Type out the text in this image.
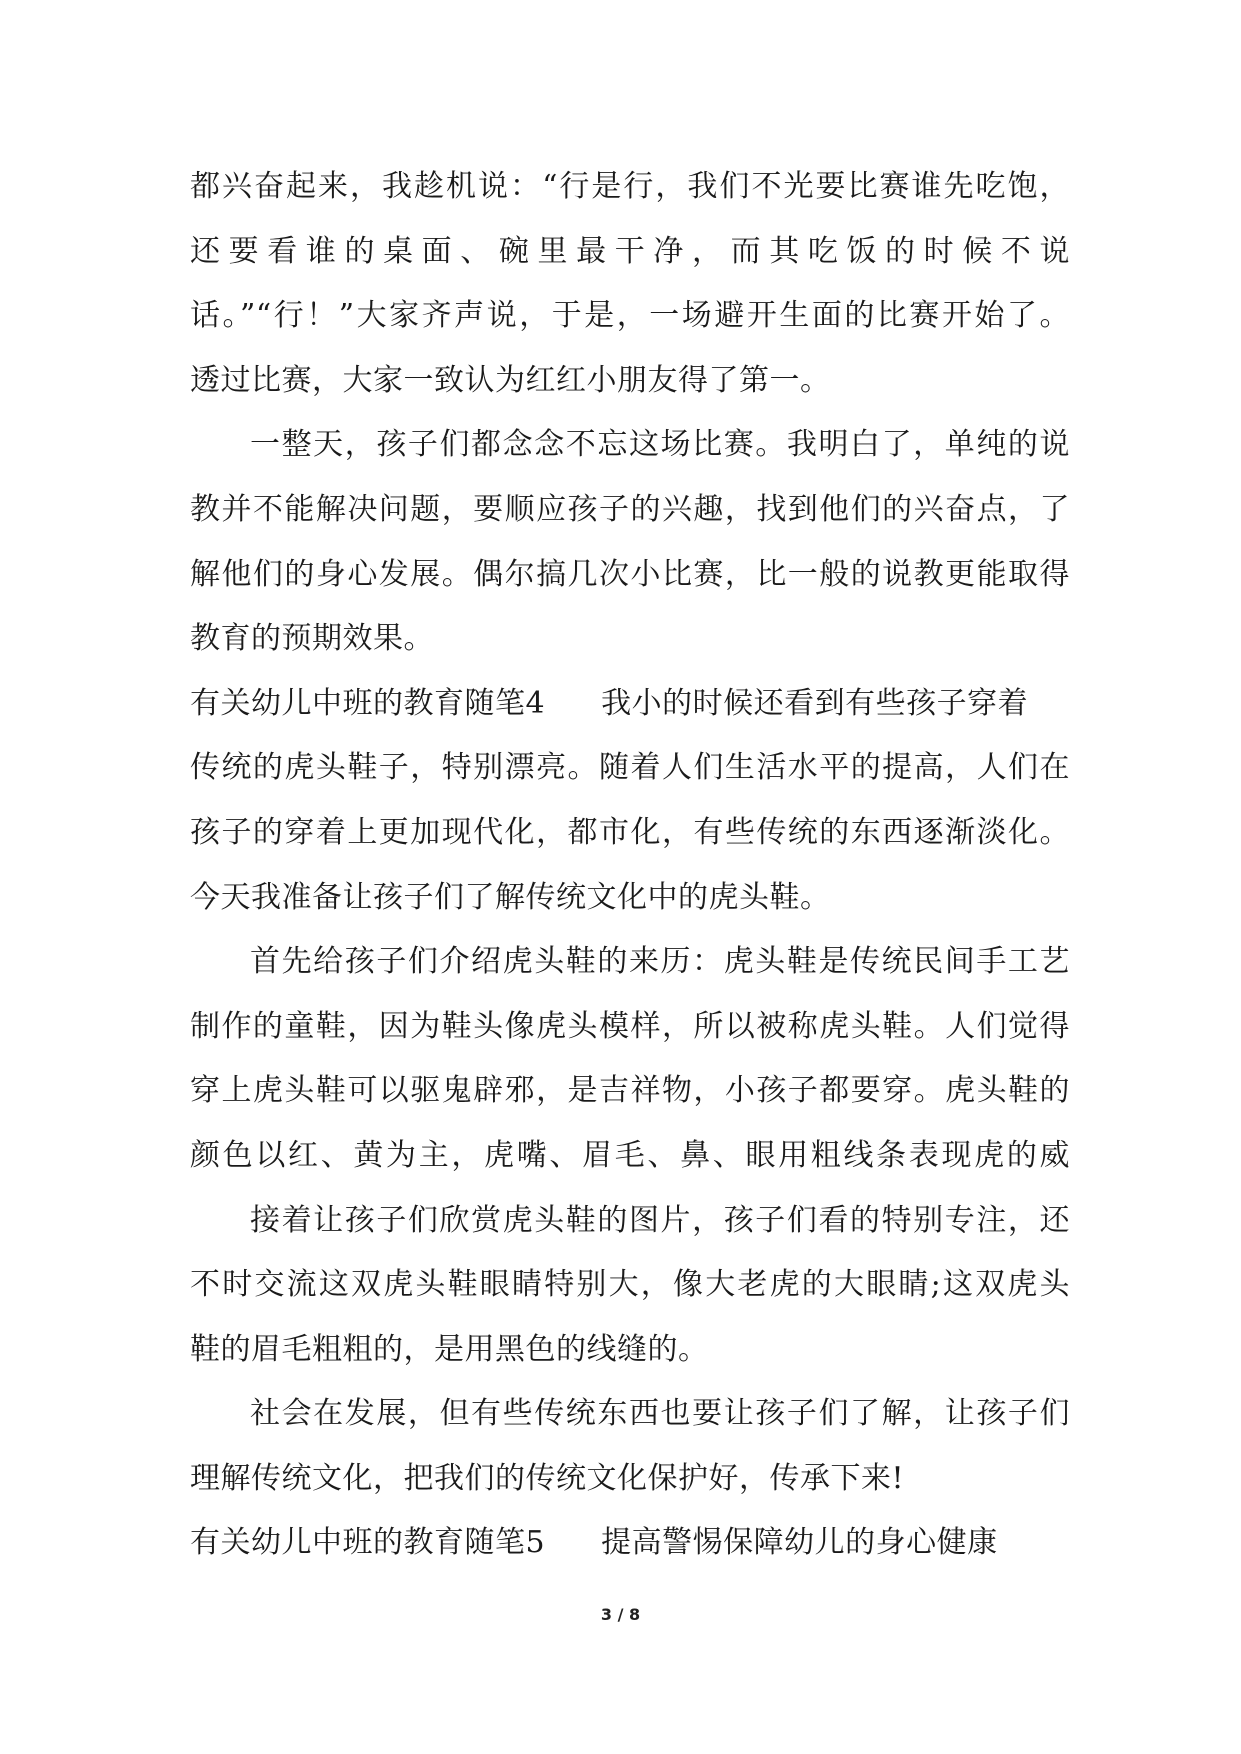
都兴奋起来，我趁机说：“行是行，我们不光要比赛谁先吃饱，
还要看谁的桌面、碗里最干净，而其吃饭的时候不说
话。”“行！”大家齐声说，于是，一场避开生面的比赛开始了。
透过比赛，大家一致认为红红小朋友得了第一。
一整天，孩子们都念念不忘这场比赛。我明白了，单纯的说
教并不能解决问题，要顺应孩子的兴趣，找到他们的兴奋点，了
解他们的身心发展。偶尔搞几次小比赛，比一般的说教更能取得
教育的预期效果。
有关幼儿中班的教育随笔4 我小的时候还看到有些孩子穿着
传统的虎头鞋子，特别漂亮。随着人们生活水平的提高，人们在
孩子的穿着上更加现代化，都市化，有些传统的东西逐渐淡化。
今天我准备让孩子们了解传统文化中的虎头鞋。
首先给孩子们介绍虎头鞋的来历：虎头鞋是传统民间手工艺
制作的童鞋，因为鞋头像虎头模样，所以被称虎头鞋。人们觉得
穿上虎头鞋可以驱鬼辟邪，是吉祥物，小孩子都要穿。虎头鞋的
颜色以红、黄为主，虎嘴、眉毛、鼻、眼用粗线条表现虎的威
接着让孩子们欣赏虎头鞋的图片，孩子们看的特别专注，还
不时交流这双虎头鞋眼睛特别大，像大老虎的大眼睛;这双虎头
鞋的眉毛粗粗的，是用黑色的线缝的。
社会在发展，但有些传统东西也要让孩子们了解，让孩子们
理解传统文化，把我们的传统文化保护好，传承下来!
有关幼儿中班的教育随笔5 提高警惕保障幼儿的身心健康
3 / 8
